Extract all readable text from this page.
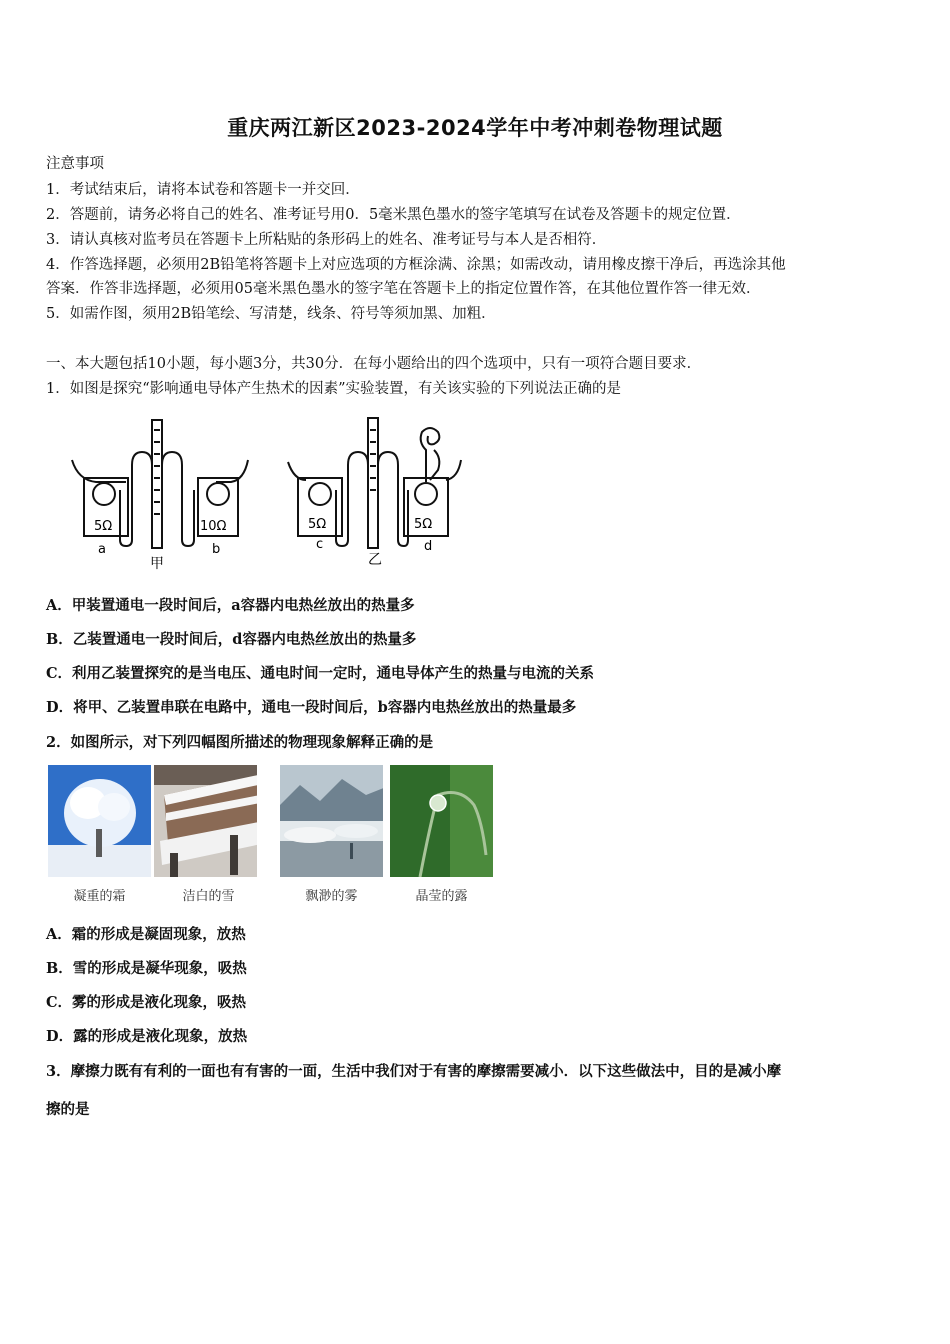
重庆两江新区2023-2024学年中考冲刺卷物理试题
注意事项
1．考试结束后，请将本试卷和答题卡一并交回．
2．答题前，请务必将自己的姓名、准考证号用0．5毫米黑色墨水的签字笔填写在试卷及答题卡的规定位置．
3．请认真核对监考员在答题卡上所粘贴的条形码上的姓名、准考证号与本人是否相符．
4．作答选择题，必须用2B铅笔将答题卡上对应选项的方框涂满、涂黑；如需改动，请用橡皮擦干净后，再选涂其他
答案．作答非选择题，必须用05毫米黑色墨水的签字笔在答题卡上的指定位置作答，在其他位置作答一律无效．
5．如需作图，须用2B铅笔绘、写清楚，线条、符号等须加黑、加粗．
一、本大题包括10小题，每小题3分，共30分．在每小题给出的四个选项中，只有一项符合题目要求．
1．如图是探究“影响通电导体产生热术的因素”实验装置，有关该实验的下列说法正确的是
5Ω	10Ω
a	b
甲
5Ω	5Ω
c	d
乙
A．甲装置通电一段时间后，a容器内电热丝放出的热量多
B．乙装置通电一段时间后，d容器内电热丝放出的热量多
C．利用乙装置探究的是当电压、通电时间一定时，通电导体产生的热量与电流的关系
D．将甲、乙装置串联在电路中，通电一段时间后，b容器内电热丝放出的热量最多
2．如图所示，对下列四幅图所描述的物理现象解释正确的是
凝重的霜	洁白的雪	飘渺的雾	晶莹的露
A．霜的形成是凝固现象，放热
B．雪的形成是凝华现象，吸热
C．雾的形成是液化现象，吸热
D．露的形成是液化现象，放热
3．摩擦力既有有利的一面也有有害的一面，生活中我们对于有害的摩擦需要减小．以下这些做法中，目的是减小摩
擦的是
